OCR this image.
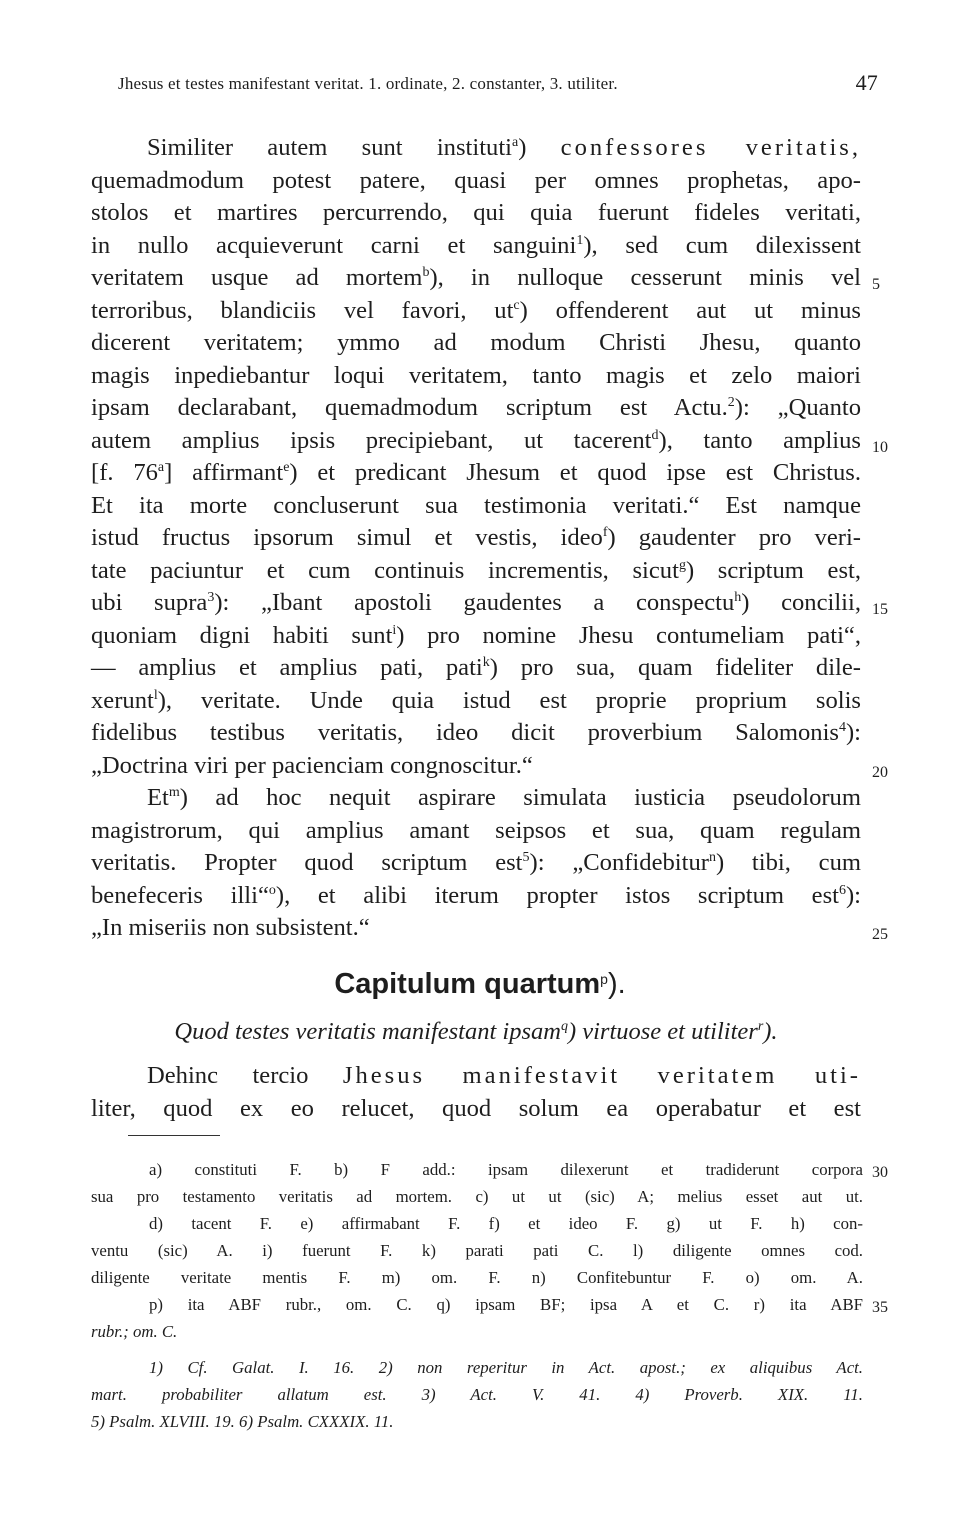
Jhesus et testes manifestant veritat. 1. ordinate, 2. constanter, 3. utiliter.	47
Similiter autem sunt instituti$^a$) confessores veritatis,
quemadmodum potest patere, quasi per omnes prophetas, apo-
stolos et martires percurrendo, qui quia fuerunt fideles veritati,
in nullo acquieverunt carni et sanguini$^1$), sed cum dilexissent
veritatem usque ad mortem$^b$), in nulloque cesserunt minis vel
terroribus, blandiciis vel favori, $ut^c$) offenderent aut ut minus
dicerent veritatem; ymmo ad modum Christi Jhesu, quanto
magis inpediebantur loqui veritatem, tanto magis et zelo maiori
ipsam declarabant, quemadmodum scriptum est Actu.$^2$): „Quanto
autem amplius ipsis precipiebant, ut tacerent$^d$), tanto amplius
[f. 76$^a$] affirmant$^e$) et predicant Jhesum et quod ipse est Christus.
Et ita morte concluserunt sua testimonia veritati.“ Est namque
istud fructus ipsorum simul et vestis, ideo$^f$) gaudenter pro veri-
tate paciuntur et cum continuis incrementis, sicut$^g$) scriptum est,
ubi supra$^3$): „Ibant apostoli gaudentes a conspectu$^h$) concilii,
quoniam digni habiti sunt$^i$) pro nomine Jhesu contumeliam pati“,
— amplius et amplius pati, pati$^k$) pro sua, quam fideliter dile-
xerunt$^l$), veritate. Unde quia istud est proprie proprium solis
fidelibus testibus veritatis, ideo dicit proverbium Salomonis$^4$):
„Doctrina viri per pacienciam congnoscitur.“
Et$^m$) ad hoc nequit aspirare simulata iusticia pseudolorum
magistrorum, qui amplius amant seipsos et sua, quam regulam
veritatis. Propter quod scriptum est$^5$): „Confidebitur$^n$) tibi, cum
benefeceris illi“$^o$), et alibi iterum propter istos scriptum est$^6$):
„In miseriis non subsistent.“
5
10
15
20
25
Capitulum quartum$^p$).
Quod testes veritatis manifestant ipsam$^q$) virtuose et utiliter$^r$).
Dehinc tercio Jhesus manifestavit veritatem uti-
liter, quod ex eo relucet, quod solum ea operabatur et est
a) constituti F. b) F add.: ipsam dilexerunt et tradiderunt corpora
sua pro testamento veritatis ad mortem. c) ut ut (sic) A; melius esset aut ut.
d) tacent F. e) affirmabant F. f) et ideo F. g) ut F. h) con-
ventu (sic) A. i) fuerunt F. k) parati pati C. l) diligente omnes cod.
diligente veritate mentis F. m) om. F. n) Confitebuntur F. o) om. A.
p) ita ABF rubr., om. C. q) ipsam BF; ipsa A et C. r) ita ABF
rubr.; om. C.
1) Cf. Galat. I. 16. 2) non reperitur in Act. apost.; ex aliquibus Act.
mart. probabiliter allatum est. 3) Act. V. 41. 4) Proverb. XIX. 11.
5) Psalm. XLVIII. 19. 6) Psalm. CXXXIX. 11.
30
35
